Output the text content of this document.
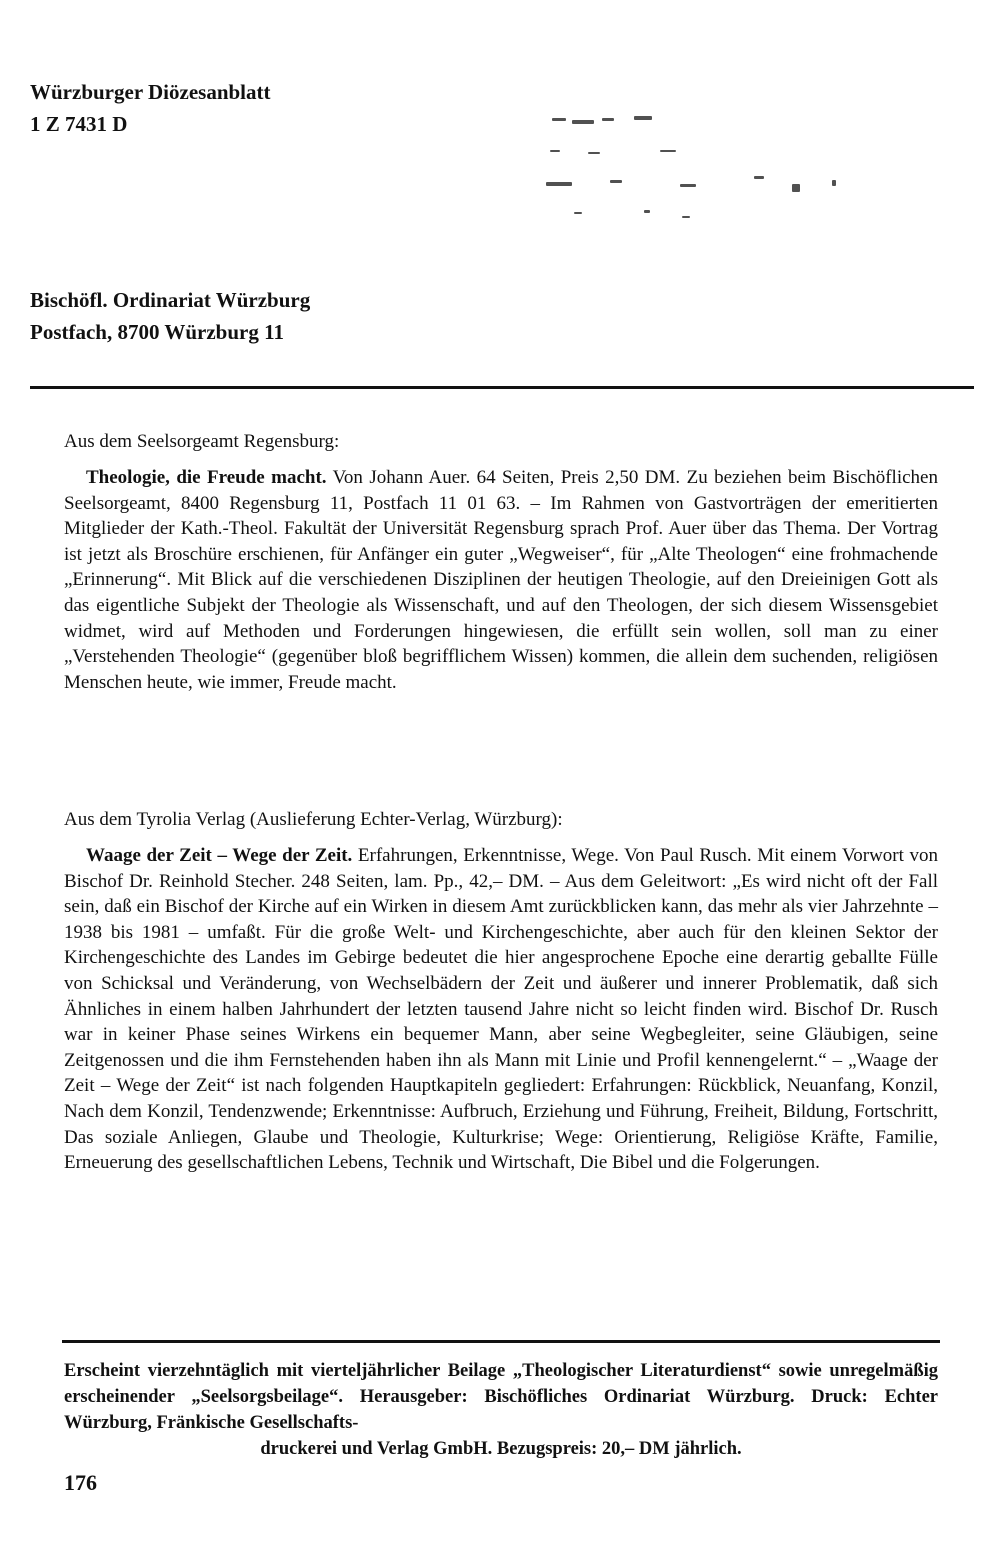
Würzburger Diözesanblatt
1 Z 7431 D
Bischöfl. Ordinariat Würzburg
Postfach, 8700 Würzburg 11
Aus dem Seelsorgeamt Regensburg:
Theologie, die Freude macht. Von Johann Auer. 64 Seiten, Preis 2,50 DM. Zu beziehen beim Bischöflichen Seelsorgeamt, 8400 Regensburg 11, Postfach 11 01 63. – Im Rahmen von Gastvorträgen der emeritierten Mitglieder der Kath.-Theol. Fakultät der Universität Regensburg sprach Prof. Auer über das Thema. Der Vortrag ist jetzt als Broschüre erschienen, für Anfänger ein guter „Wegweiser“, für „Alte Theologen“ eine frohmachende „Erinnerung“. Mit Blick auf die verschiedenen Disziplinen der heutigen Theologie, auf den Dreieinigen Gott als das eigentliche Subjekt der Theologie als Wissenschaft, und auf den Theologen, der sich diesem Wissensgebiet widmet, wird auf Methoden und Forderungen hingewiesen, die erfüllt sein wollen, soll man zu einer „Verstehenden Theologie“ (gegenüber bloß begrifflichem Wissen) kommen, die allein dem suchenden, religiösen Menschen heute, wie immer, Freude macht.
Aus dem Tyrolia Verlag (Auslieferung Echter-Verlag, Würzburg):
Waage der Zeit – Wege der Zeit. Erfahrungen, Erkenntnisse, Wege. Von Paul Rusch. Mit einem Vorwort von Bischof Dr. Reinhold Stecher. 248 Seiten, lam. Pp., 42,– DM. – Aus dem Geleitwort: „Es wird nicht oft der Fall sein, daß ein Bischof der Kirche auf ein Wirken in diesem Amt zurückblicken kann, das mehr als vier Jahrzehnte – 1938 bis 1981 – umfaßt. Für die große Welt- und Kirchengeschichte, aber auch für den kleinen Sektor der Kirchengeschichte des Landes im Gebirge bedeutet die hier angesprochene Epoche eine derartig geballte Fülle von Schicksal und Veränderung, von Wechselbädern der Zeit und äußerer und innerer Problematik, daß sich Ähnliches in einem halben Jahrhundert der letzten tausend Jahre nicht so leicht finden wird. Bischof Dr. Rusch war in keiner Phase seines Wirkens ein bequemer Mann, aber seine Wegbegleiter, seine Gläubigen, seine Zeitgenossen und die ihm Fernstehenden haben ihn als Mann mit Linie und Profil kennengelernt.“ – „Waage der Zeit – Wege der Zeit“ ist nach folgenden Hauptkapiteln gegliedert: Erfahrungen: Rückblick, Neuanfang, Konzil, Nach dem Konzil, Tendenzwende; Erkenntnisse: Aufbruch, Erziehung und Führung, Freiheit, Bildung, Fortschritt, Das soziale Anliegen, Glaube und Theologie, Kulturkrise; Wege: Orientierung, Religiöse Kräfte, Familie, Erneuerung des gesellschaftlichen Lebens, Technik und Wirtschaft, Die Bibel und die Folgerungen.
Erscheint vierzehntäglich mit vierteljährlicher Beilage „Theologischer Literaturdienst“ sowie unregelmäßig erscheinender „Seelsorgsbeilage“. Herausgeber: Bischöfliches Ordinariat Würzburg. Druck: Echter Würzburg, Fränkische Gesellschafts-
druckerei und Verlag GmbH. Bezugspreis: 20,– DM jährlich.
176
